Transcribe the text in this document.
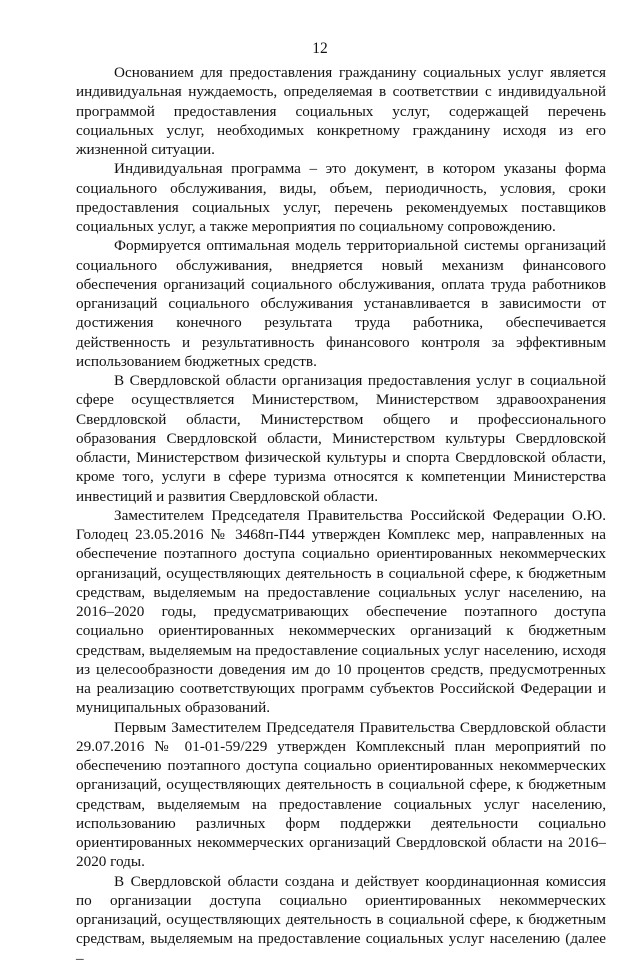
12

Основанием для предоставления гражданину социальных услуг является индивидуальная нуждаемость, определяемая в соответствии с индивидуальной программой предоставления социальных услуг, содержащей перечень социальных услуг, необходимых конкретному гражданину исходя из его жизненной ситуации.

Индивидуальная программа – это документ, в котором указаны форма социального обслуживания, виды, объем, периодичность, условия, сроки предоставления социальных услуг, перечень рекомендуемых поставщиков социальных услуг, а также мероприятия по социальному сопровождению.

Формируется оптимальная модель территориальной системы организаций социального обслуживания, внедряется новый механизм финансового обеспечения организаций социального обслуживания, оплата труда работников организаций социального обслуживания устанавливается в зависимости от достижения конечного результата труда работника, обеспечивается действенность и результативность финансового контроля за эффективным использованием бюджетных средств.

В Свердловской области организация предоставления услуг в социальной сфере осуществляется Министерством, Министерством здравоохранения Свердловской области, Министерством общего и профессионального образования Свердловской области, Министерством культуры Свердловской области, Министерством физической культуры и спорта Свердловской области, кроме того, услуги в сфере туризма относятся к компетенции Министерства инвестиций и развития Свердловской области.

Заместителем Председателя Правительства Российской Федерации О.Ю. Голодец 23.05.2016 № 3468п-П44 утвержден Комплекс мер, направленных на обеспечение поэтапного доступа социально ориентированных некоммерческих организаций, осуществляющих деятельность в социальной сфере, к бюджетным средствам, выделяемым на предоставление социальных услуг населению, на 2016–2020 годы, предусматривающих обеспечение поэтапного доступа социально ориентированных некоммерческих организаций к бюджетным средствам, выделяемым на предоставление социальных услуг населению, исходя из целесообразности доведения им до 10 процентов средств, предусмотренных на реализацию соответствующих программ субъектов Российской Федерации и муниципальных образований.

Первым Заместителем Председателя Правительства Свердловской области 29.07.2016 № 01-01-59/229 утвержден Комплексный план мероприятий по обеспечению поэтапного доступа социально ориентированных некоммерческих организаций, осуществляющих деятельность в социальной сфере, к бюджетным средствам, выделяемым на предоставление социальных услуг населению, использованию различных форм поддержки деятельности социально ориентированных некоммерческих организаций Свердловской области на 2016–2020 годы.

В Свердловской области создана и действует координационная комиссия по организации доступа социально ориентированных некоммерческих организаций, осуществляющих деятельность в социальной сфере, к бюджетным средствам, выделяемым на предоставление социальных услуг населению (далее –
